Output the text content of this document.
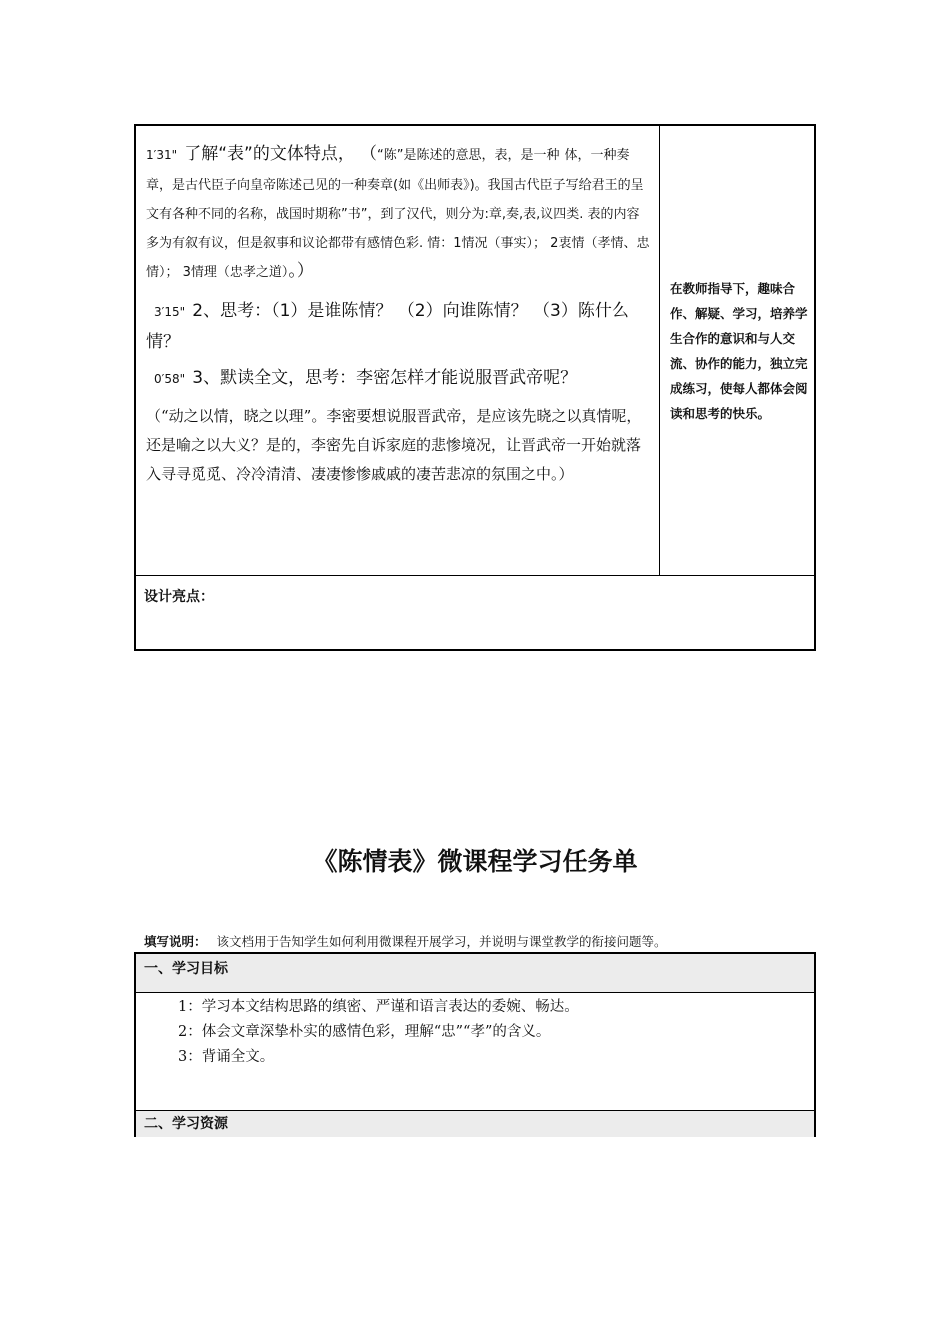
1′31" 了解“表”的文体特点， （“陈”是陈述的意思，表，是一种 体，一种奏章，是古代臣子向皇帝陈述己见的一种奏章(如《出师表》)。我国古代臣子写给君王的呈文有各种不同的名称，战国时期称”书”，到了汉代，则分为:章,奏,表,议四类. 表的内容多为有叙有议，但是叙事和议论都带有感情色彩. 情：1情况（事实）； 2衷情（孝情、忠情）； 3情理（忠孝之道）。）

3′15" 2、思考：（1）是谁陈情？ （2）向谁陈情？ （3）陈什么情？

0′58" 3、默读全文，思考：李密怎样才能说服晋武帝呢？

（“动之以情，晓之以理”。李密要想说服晋武帝，是应该先晓之以真情呢，还是喻之以大义？是的，李密先自诉家庭的悲惨境况，让晋武帝一开始就落入寻寻觅觅、冷冷清清、凄凄惨惨戚戚的凄苦悲凉的氛围之中。）

在教师指导下，趣味合作、解疑、学习，培养学生合作的意识和与人交流、协作的能力，独立完成练习，使每人都体会阅读和思考的快乐。
设计亮点：
《陈情表》微课程学习任务单
填写说明： 该文档用于告知学生如何利用微课程开展学习，并说明与课堂教学的衔接问题等。
一、学习目标

1：学习本文结构思路的缜密、严谨和语言表达的委婉、畅达。

2：体会文章深挚朴实的感情色彩，理解“忠”“孝”的含义。

3：背诵全文。

二、学习资源
